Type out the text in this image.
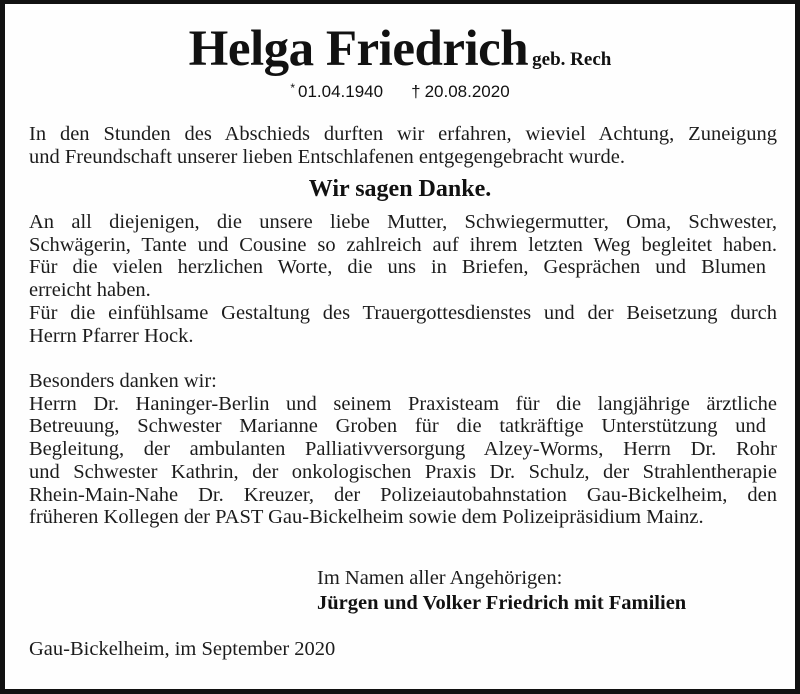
Helga Friedrich geb. Rech
* 01.04.1940 † 20.08.2020

In den Stunden des Abschieds durften wir erfahren, wieviel Achtung, Zuneigung

und Freundschaft unserer lieben Entschlafenen entgegengebracht wurde.

Wir sagen Danke.

An all diejenigen, die unsere liebe Mutter, Schwiegermutter, Oma, Schwester,

Schwägerin, Tante und Cousine so zahlreich auf ihrem letzten Weg begleitet haben.

Für die vielen herzlichen Worte, die uns in Briefen, Gesprächen und Blumen

erreicht haben.

Für die einfühlsame Gestaltung des Trauergottesdienstes und der Beisetzung durch

Herrn Pfarrer Hock.

Besonders danken wir:

Herrn Dr. Haninger-Berlin und seinem Praxisteam für die langjährige ärztliche

Betreuung, Schwester Marianne Groben für die tatkräftige Unterstützung und

Begleitung, der ambulanten Palliativversorgung Alzey-Worms, Herrn Dr. Rohr

und Schwester Kathrin, der onkologischen Praxis Dr. Schulz, der Strahlentherapie

Rhein-Main-Nahe Dr. Kreuzer, der Polizeiautobahnstation Gau-Bickelheim, den

früheren Kollegen der PAST Gau-Bickelheim sowie dem Polizeipräsidium Mainz.

Im Namen aller Angehörigen:
Jürgen und Volker Friedrich mit Familien
Gau-Bickelheim, im September 2020
